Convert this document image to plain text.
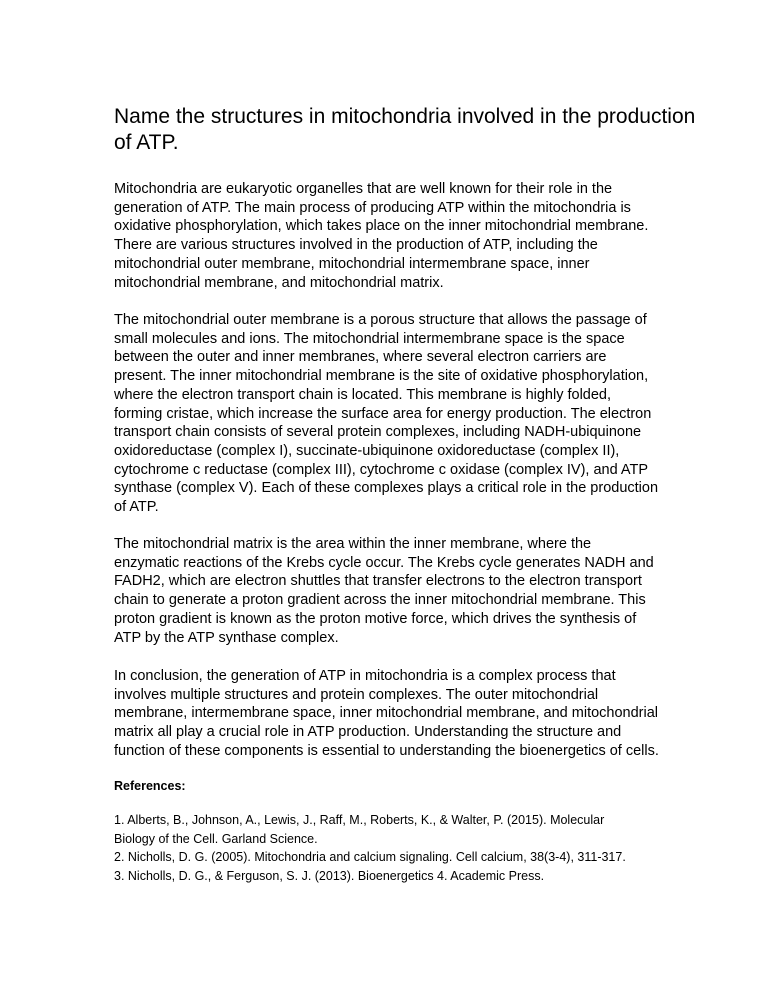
Name the structures in mitochondria involved in the production
of ATP.
Mitochondria are eukaryotic organelles that are well known for their role in the
generation of ATP. The main process of producing ATP within the mitochondria is
oxidative phosphorylation, which takes place on the inner mitochondrial membrane.
There are various structures involved in the production of ATP, including the
mitochondrial outer membrane, mitochondrial intermembrane space, inner
mitochondrial membrane, and mitochondrial matrix.
The mitochondrial outer membrane is a porous structure that allows the passage of
small molecules and ions. The mitochondrial intermembrane space is the space
between the outer and inner membranes, where several electron carriers are
present. The inner mitochondrial membrane is the site of oxidative phosphorylation,
where the electron transport chain is located. This membrane is highly folded,
forming cristae, which increase the surface area for energy production. The electron
transport chain consists of several protein complexes, including NADH-ubiquinone
oxidoreductase (complex I), succinate-ubiquinone oxidoreductase (complex II),
cytochrome c reductase (complex III), cytochrome c oxidase (complex IV), and ATP
synthase (complex V). Each of these complexes plays a critical role in the production
of ATP.
The mitochondrial matrix is the area within the inner membrane, where the
enzymatic reactions of the Krebs cycle occur. The Krebs cycle generates NADH and
FADH2, which are electron shuttles that transfer electrons to the electron transport
chain to generate a proton gradient across the inner mitochondrial membrane. This
proton gradient is known as the proton motive force, which drives the synthesis of
ATP by the ATP synthase complex.
In conclusion, the generation of ATP in mitochondria is a complex process that
involves multiple structures and protein complexes. The outer mitochondrial
membrane, intermembrane space, inner mitochondrial membrane, and mitochondrial
matrix all play a crucial role in ATP production. Understanding the structure and
function of these components is essential to understanding the bioenergetics of cells.
References:
1. Alberts, B., Johnson, A., Lewis, J., Raff, M., Roberts, K., & Walter, P. (2015). Molecular
Biology of the Cell. Garland Science.
2. Nicholls, D. G. (2005). Mitochondria and calcium signaling. Cell calcium, 38(3-4), 311-317.
3. Nicholls, D. G., & Ferguson, S. J. (2013). Bioenergetics 4. Academic Press.
